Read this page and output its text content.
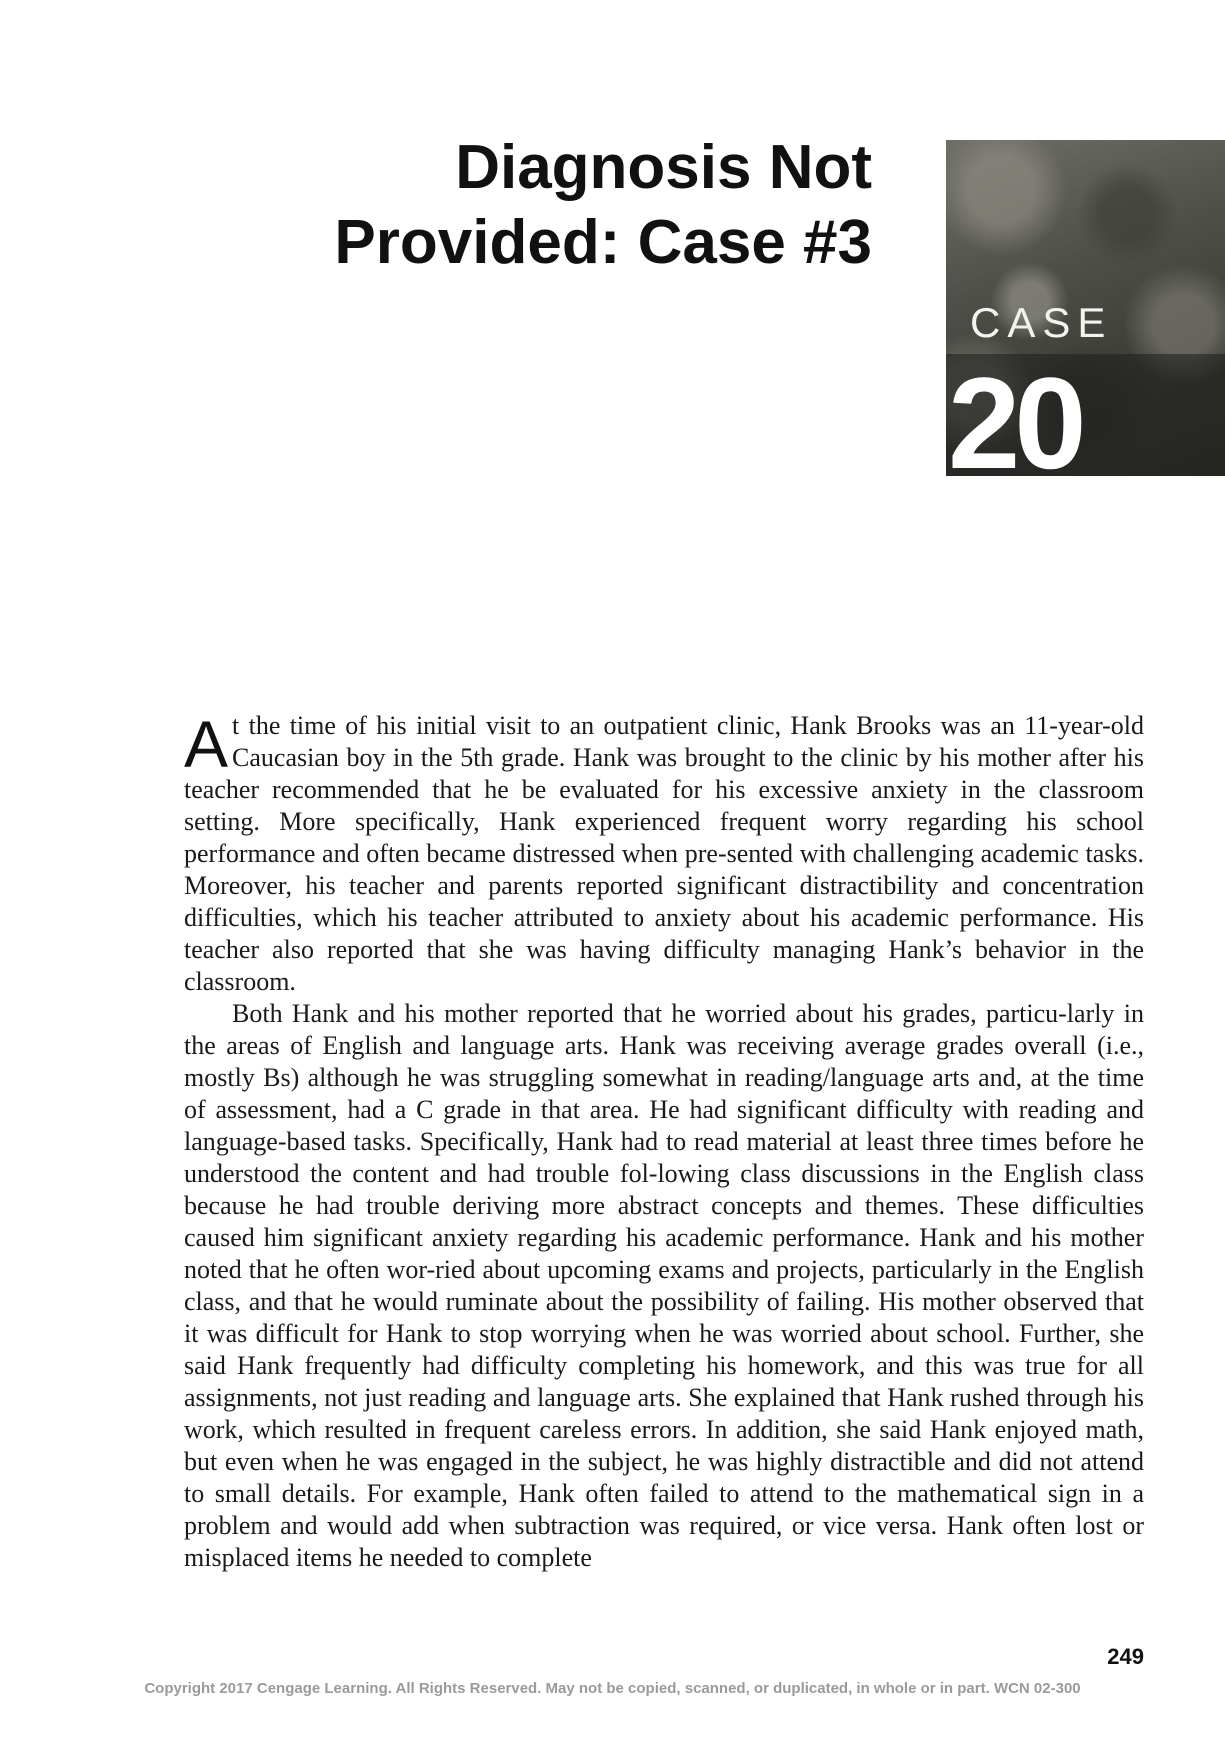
Diagnosis Not
Provided: Case #3
CASE
20

At the time of his initial visit to an outpatient clinic, Hank Brooks was an 11-year-old Caucasian boy in the 5th grade. Hank was brought to the clinic by his mother after his teacher recommended that he be evaluated for his excessive anxiety in the classroom setting. More specifically, Hank experienced frequent worry regarding his school performance and often became distressed when pre-sented with challenging academic tasks. Moreover, his teacher and parents reported significant distractibility and concentration difficulties, which his teacher attributed to anxiety about his academic performance. His teacher also reported that she was having difficulty managing Hank’s behavior in the classroom.

Both Hank and his mother reported that he worried about his grades, particu-larly in the areas of English and language arts. Hank was receiving average grades overall (i.e., mostly Bs) although he was struggling somewhat in reading/language arts and, at the time of assessment, had a C grade in that area. He had significant difficulty with reading and language-based tasks. Specifically, Hank had to read material at least three times before he understood the content and had trouble fol-lowing class discussions in the English class because he had trouble deriving more abstract concepts and themes. These difficulties caused him significant anxiety regarding his academic performance. Hank and his mother noted that he often wor-ried about upcoming exams and projects, particularly in the English class, and that he would ruminate about the possibility of failing. His mother observed that it was difficult for Hank to stop worrying when he was worried about school. Further, she said Hank frequently had difficulty completing his homework, and this was true for all assignments, not just reading and language arts. She explained that Hank rushed through his work, which resulted in frequent careless errors. In addition, she said Hank enjoyed math, but even when he was engaged in the subject, he was highly distractible and did not attend to small details. For example, Hank often failed to attend to the mathematical sign in a problem and would add when subtraction was required, or vice versa. Hank often lost or misplaced items he needed to complete

249
Copyright 2017 Cengage Learning. All Rights Reserved. May not be copied, scanned, or duplicated, in whole or in part. WCN 02-300
